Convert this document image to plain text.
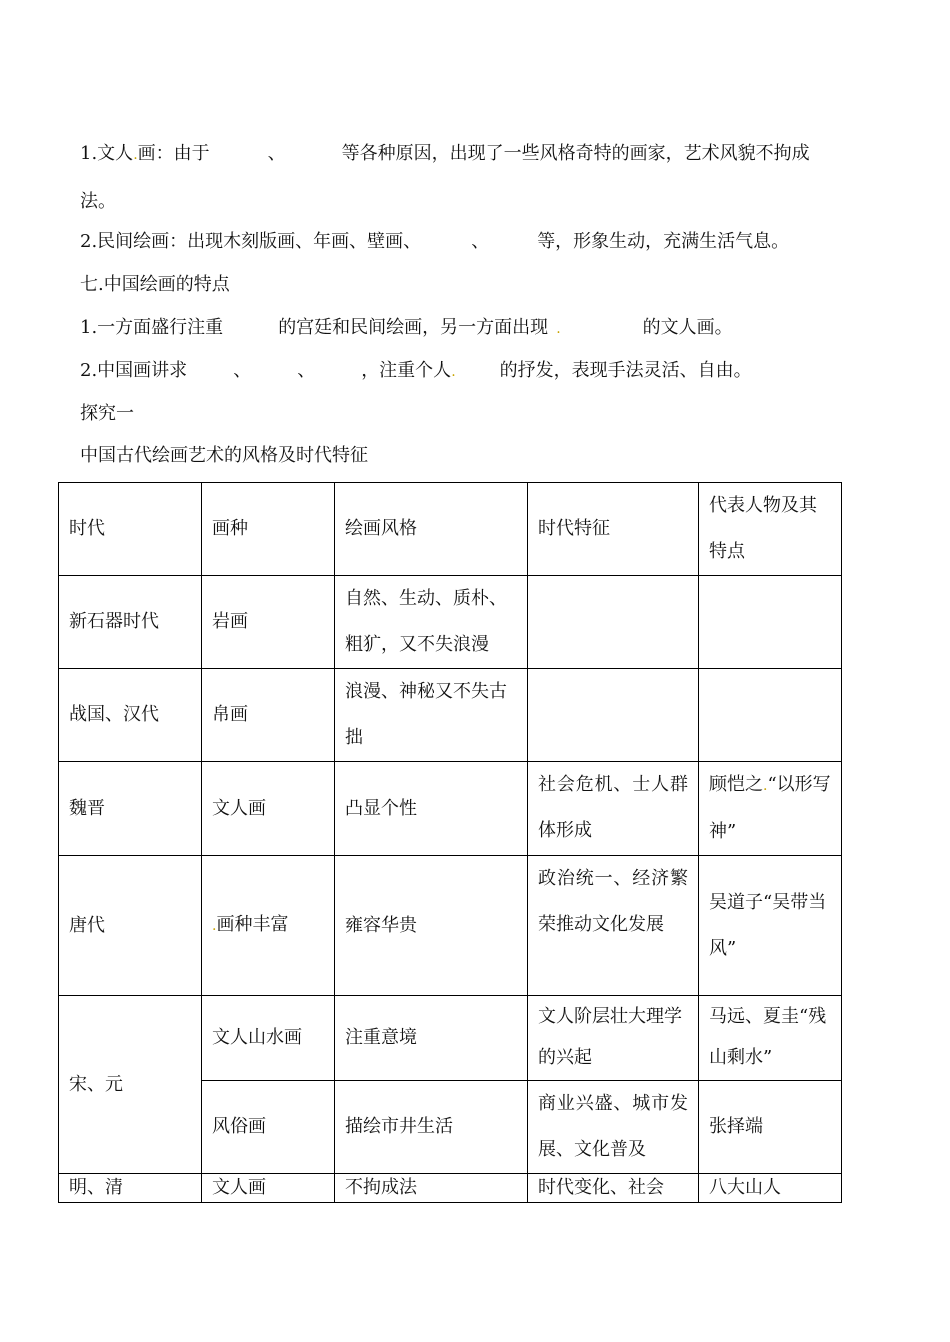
1.文人.画：由于	、	等各种原因，出现了一些风格奇特的画家，艺术风貌不拘成
法。
2.民间绘画：出现木刻版画、年画、壁画、	、	等，形象生动，充满生活气息。
七.中国绘画的特点
1.一方面盛行注重	的宫廷和民间绘画，另一方面出现 .	的文人画。
2.中国画讲求	、	、	，注重个人. 的抒发，表现手法灵活、自由。
探究一
中国古代绘画艺术的风格及时代特征
时代	画种	绘画风格	时代特征	代表人物及其特点
新石器时代	岩画	自然、生动、质朴、粗犷，又不失浪漫		
战国、汉代	帛画	浪漫、神秘又不失古拙		
魏晋	文人画	凸显个性	社会危机、士人群体形成	顾恺之.“以形写神”
唐代	.画种丰富	雍容华贵	政治统一、经济繁荣推动文化发展	吴道子“吴带当风”
宋、元	文人山水画	注重意境	文人阶层壮大理学的兴起	马远、夏圭“残山剩水”
	风俗画	描绘市井生活	商业兴盛、城市发展、文化普及	张择端
明、清	文人画	不拘成法	时代变化、社会	八大山人
